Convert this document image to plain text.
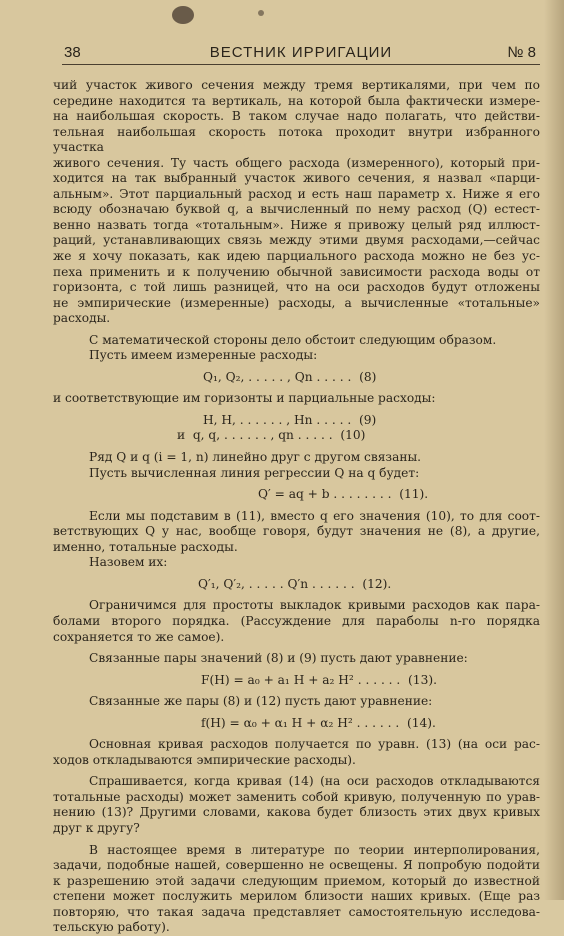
38	ВЕСТНИК ИРРИГАЦИИ	№ 8
чий участок живого сечения между тремя вертикалями, при чем по
середине находится та вертикаль, на которой была фактически измере-
на наибольшая скорость. В таком случае надо полагать, что действи-
тельная наибольшая скорость потока проходит внутри избранного участка
живого сечения. Ту часть общего расхода (измеренного), который при-
ходится на так выбранный участок живого сечения, я назвал «парци-
альным». Этот парциальный расход и есть наш параметр x. Ниже я его
всюду обозначаю буквой q, а вычисленный по нему расход (Q) естест-
венно назвать тогда «тотальным». Ниже я привожу целый ряд иллюст-
раций, устанавливающих связь между этими двумя расходами,—сейчас
же я хочу показать, как идею парциального расхода можно не без ус-
пеха применить и к получению обычной зависимости расхода воды от
горизонта, с той лишь разницей, что на оси расходов будут отложены
не эмпирические (измеренные) расходы, а вычисленные «тотальные»
расходы.
С математической стороны дело обстоит следующим образом.
Пусть имеем измеренные расходы:
Q₁, Q₂, . . . . . , Qn . . . . .  (8)
и соответствующие им горизонты и парциальные расходы:
H, H, . . . . . . , Hn . . . . .  (9)
и  q, q, . . . . . . , qn . . . . .  (10)
Ряд Q и q (i = 1, n) линейно друг с другом связаны.
Пусть вычисленная линия регрессии Q на q будет:
Q′ = aq + b . . . . . . . .  (11).
Если мы подставим в (11), вместо q его значения (10), то для соот-
ветствующих Q у нас, вообще говоря, будут значения не (8), а другие,
именно, тотальные расходы.
Назовем их:
Q′₁, Q′₂, . . . . . Q′n . . . . . .  (12).
Ограничимся для простоты выкладок кривыми расходов как пара-
болами второго порядка. (Рассуждение для параболы n-го порядка
сохраняется то же самое).
Связанные пары значений (8) и (9) пусть дают уравнение:
F(H) = a₀ + a₁ H + a₂ H² . . . . . .  (13).
Связанные же пары (8) и (12) пусть дают уравнение:
f(H) = α₀ + α₁ H + α₂ H² . . . . . .  (14).
Основная кривая расходов получается по уравн. (13) (на оси рас-
ходов откладываются эмпирические расходы).
Спрашивается, когда кривая (14) (на оси расходов откладываются
тотальные расходы) может заменить собой кривую, полученную по урав-
нению (13)? Другими словами, какова будет близость этих двух кривых
друг к другу?
В настоящее время в литературе по теории интерполирования,
задачи, подобные нашей, совершенно не освещены. Я попробую подойти
к разрешению этой задачи следующим приемом, который до известной
степени может послужить мерилом близости наших кривых. (Еще раз
повторяю, что такая задача представляет самостоятельную исследова-
тельскую работу).
